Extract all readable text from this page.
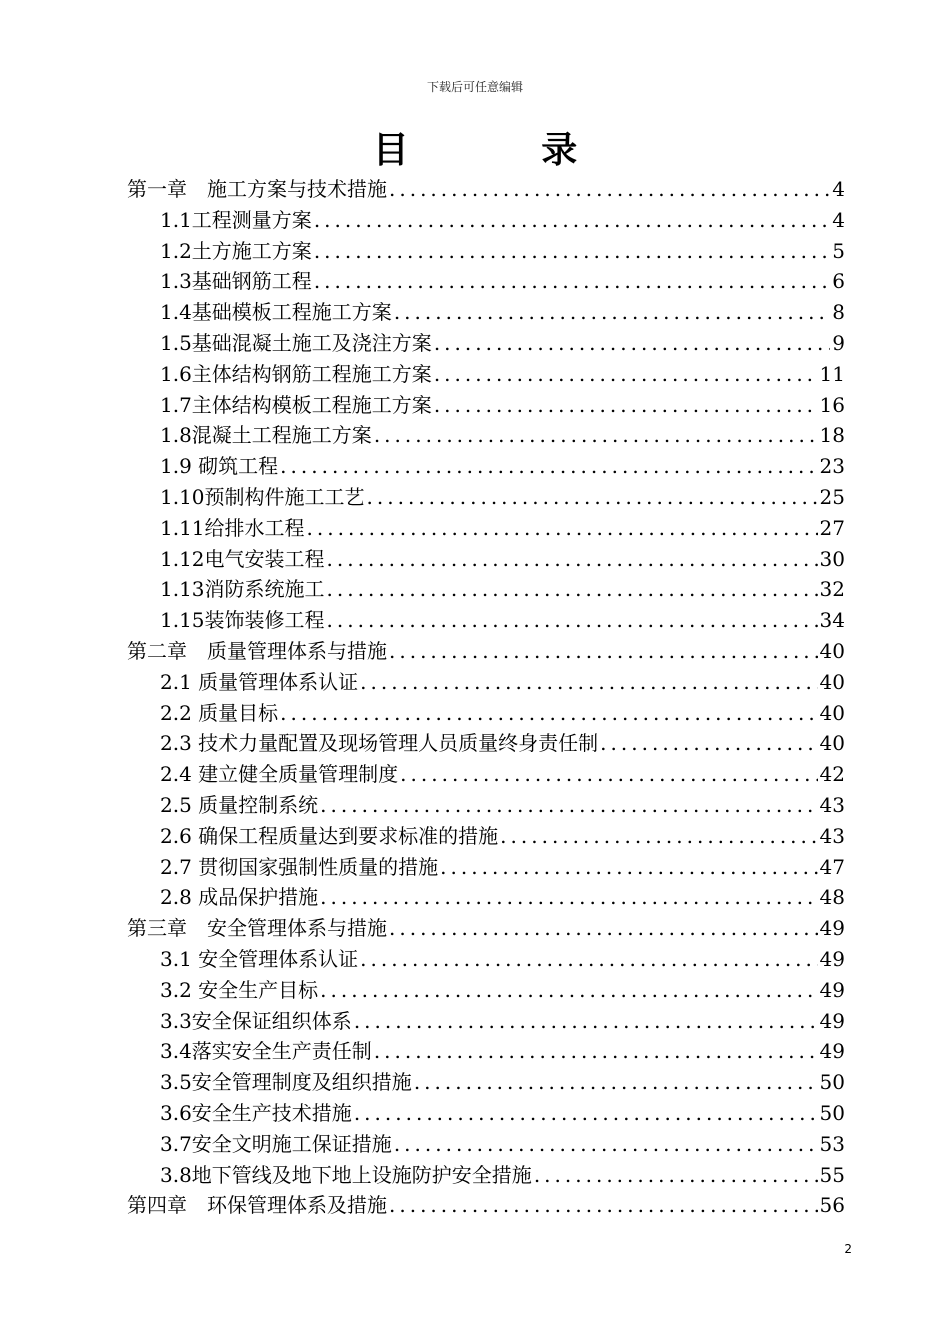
下载后可任意编辑
目 录
第一章　施工方案与技术措施 .....	4
1.1工程测量方案 .....	4
1.2土方施工方案 .....	5
1.3基础钢筋工程 .....	6
1.4基础模板工程施工方案 .....	8
1.5基础混凝土施工及浇注方案 .....	9
1.6主体结构钢筋工程施工方案 .....	11
1.7主体结构模板工程施工方案 .....	16
1.8混凝土工程施工方案 .....	18
1.9 砌筑工程 .....	23
1.10预制构件施工工艺 .....	25
1.11给排水工程 .....	27
1.12电气安装工程 .....	30
1.13消防系统施工 .....	32
1.15装饰装修工程 .....	34
第二章　质量管理体系与措施 .....	40
2.1 质量管理体系认证 .....	40
2.2 质量目标 .....	40
2.3 技术力量配置及现场管理人员质量终身责任制 .....	40
2.4 建立健全质量管理制度 .....	42
2.5 质量控制系统 .....	43
2.6 确保工程质量达到要求标准的措施 .....	43
2.7 贯彻国家强制性质量的措施 .....	47
2.8 成品保护措施 .....	48
第三章　安全管理体系与措施 .....	49
3.1 安全管理体系认证 .....	49
3.2 安全生产目标 .....	49
3.3安全保证组织体系 .....	49
3.4落实安全生产责任制 .....	49
3.5安全管理制度及组织措施 .....	50
3.6安全生产技术措施 .....	50
3.7安全文明施工保证措施 .....	53
3.8地下管线及地下地上设施防护安全措施 .....	55
第四章　环保管理体系及措施 .....	56
2
